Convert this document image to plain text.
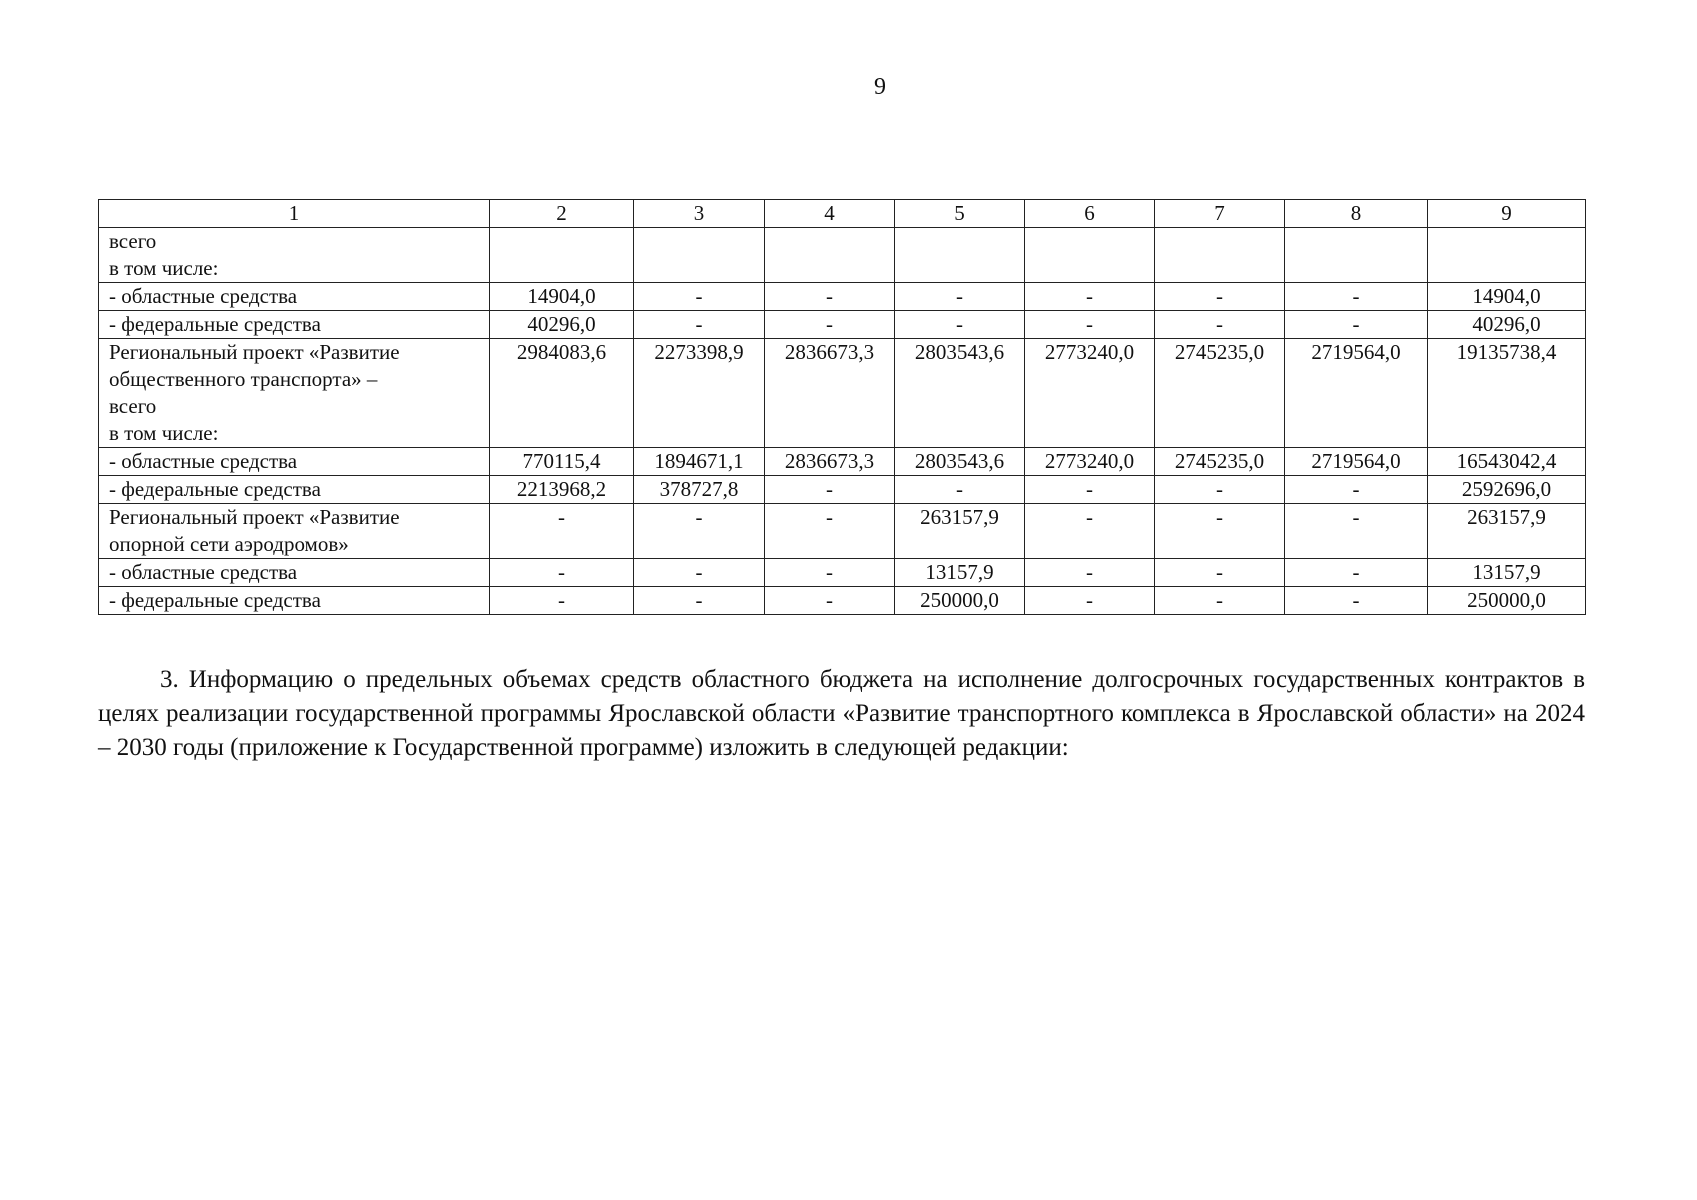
9
1	2	3	4	5	6	7	8	9

всего
в том числе:								

- областные средства	14904,0	-	-	-	-	-	-	14904,0

- федеральные средства	40296,0	-	-	-	-	-	-	40296,0

Региональный проект «Развитие
общественного транспорта» –
всего
в том числе:	2984083,6	2273398,9	2836673,3	2803543,6	2773240,0	2745235,0	2719564,0	19135738,4

- областные средства	770115,4	1894671,1	2836673,3	2803543,6	2773240,0	2745235,0	2719564,0	16543042,4

- федеральные средства	2213968,2	378727,8	-	-	-	-	-	2592696,0

Региональный проект «Развитие
опорной сети аэродромов»	-	-	-	263157,9	-	-	-	263157,9

- областные средства	-	-	-	13157,9	-	-	-	13157,9

- федеральные средства	-	-	-	250000,0	-	-	-	250000,0
3. Информацию о предельных объемах средств областного бюджета на исполнение долгосрочных государственных контрактов в целях реализации государственной программы Ярославской области «Развитие транспортного комплекса в Ярославской области» на 2024 – 2030 годы (приложение к Государственной программе) изложить в следующей редакции:
